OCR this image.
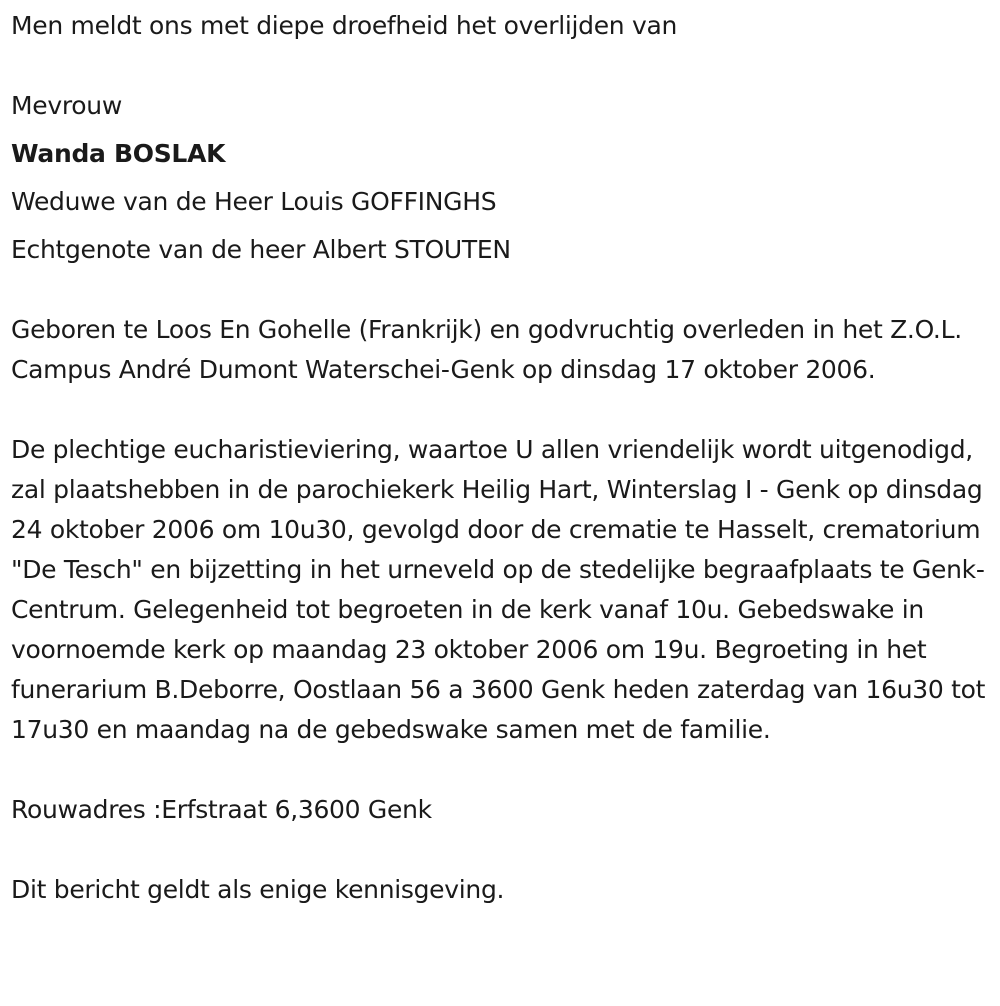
Men meldt ons met diepe droefheid het overlijden van

Mevrouw

Wanda BOSLAK

Weduwe van de Heer Louis GOFFINGHS

Echtgenote van de heer Albert STOUTEN

Geboren te Loos En Gohelle (Frankrijk) en godvruchtig overleden in het Z.O.L. Campus André Dumont Waterschei-Genk op dinsdag 17 oktober 2006.

De plechtige eucharistieviering, waartoe U allen vriendelijk wordt uitgenodigd, zal plaatshebben in de parochiekerk Heilig Hart, Winterslag I - Genk op dinsdag 24 oktober 2006 om 10u30, gevolgd door de crematie te Hasselt, crematorium "De Tesch" en bijzetting in het urneveld op de stedelijke begraafplaats te Genk-Centrum. Gelegenheid tot begroeten in de kerk vanaf 10u. Gebedswake in voornoemde kerk op maandag 23 oktober 2006 om 19u. Begroeting in het funerarium B.Deborre, Oostlaan 56 a 3600 Genk heden zaterdag van 16u30 tot 17u30 en maandag na de gebedswake samen met de familie.

Rouwadres :Erfstraat 6,3600 Genk

Dit bericht geldt als enige kennisgeving.
